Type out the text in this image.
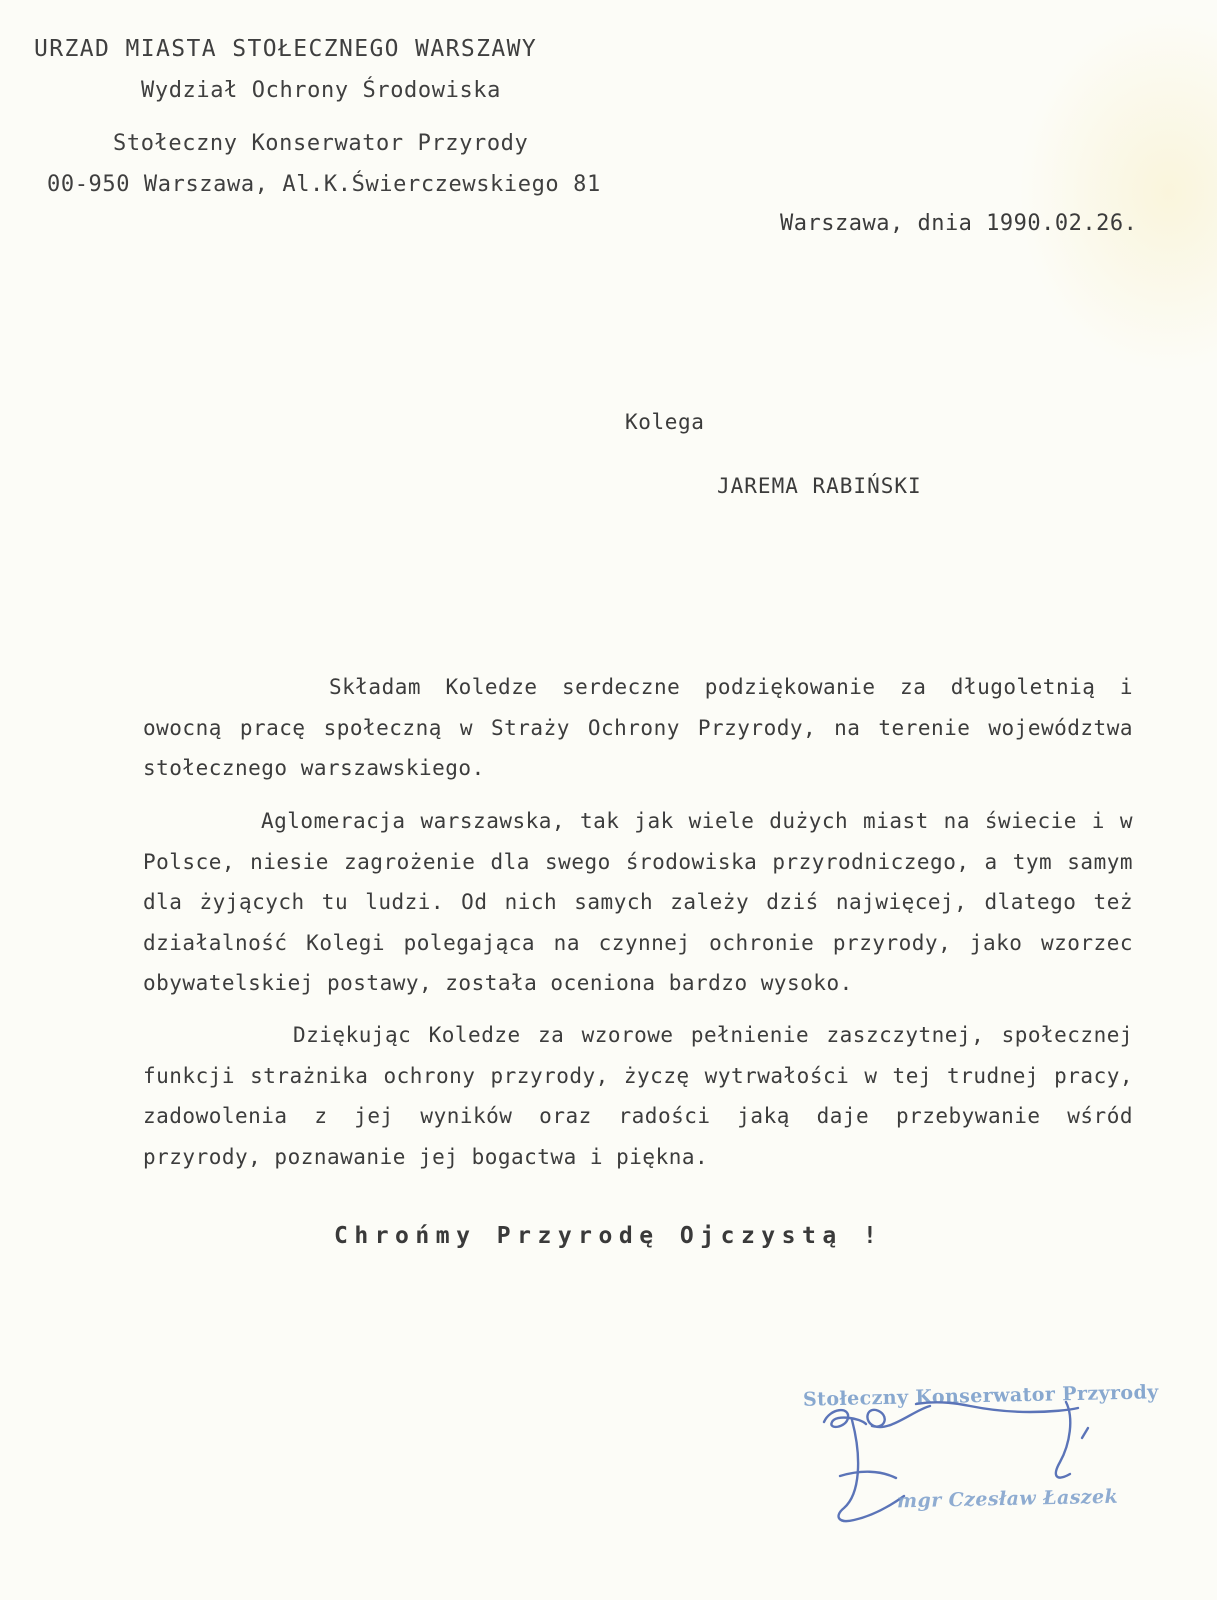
URZAD MIASTA STOŁECZNEGO WARSZAWY
Wydział Ochrony Środowiska
Stołeczny Konserwator Przyrody
00-950 Warszawa, Al.K.Świerczewskiego 81
Warszawa, dnia 1990.02.26.
Kolega
JAREMA RABIŃSKI
Składam Koledze serdeczne podziękowanie za długoletnią i owocną pracę społeczną w Straży Ochrony Przyrody, na terenie województwa stołecznego warszawskiego.
Aglomeracja warszawska, tak jak wiele dużych miast na świecie i w Polsce, niesie zagrożenie dla swego środowiska przyrodniczego, a tym samym dla żyjących tu ludzi. Od nich samych zależy dziś najwięcej, dlatego też działalność Kolegi polegająca na czynnej ochronie przyrody, jako wzorzec obywatelskiej postawy, została oceniona bardzo wysoko.
Dziękując Koledze za wzorowe pełnienie zaszczytnej, społecznej funkcji strażnika ochrony przyrody, życzę wytrwałości w tej trudnej pracy, zadowolenia z jej wyników oraz radości jaką daje przebywanie wśród przyrody, poznawanie jej bogactwa i piękna.
Chrońmy Przyrodę Ojczystą !
Stołeczny Konserwator Przyrody
mgr Czesław Łaszek
